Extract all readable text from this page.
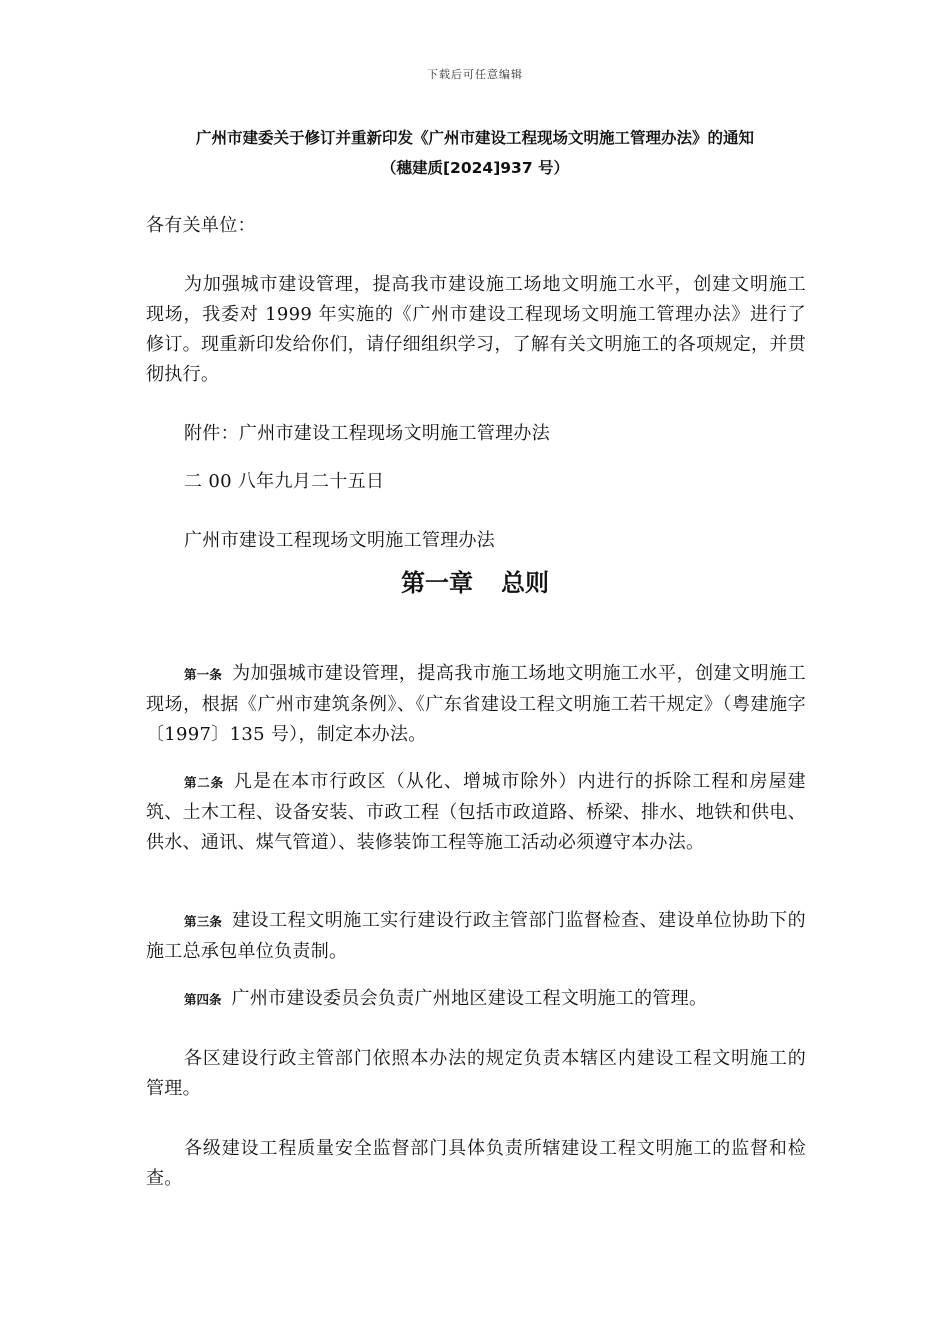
下载后可任意编辑
广州市建委关于修订并重新印发《广州市建设工程现场文明施工管理办法》的通知
（穗建质[2024]937 号）
各有关单位：
为加强城市建设管理，提高我市建设施工场地文明施工水平，创建文明施工现场，我委对 1999 年实施的《广州市建设工程现场文明施工管理办法》进行了修订。现重新印发给你们，请仔细组织学习，了解有关文明施工的各项规定，并贯彻执行。
附件：广州市建设工程现场文明施工管理办法
二 00 八年九月二十五日
广州市建设工程现场文明施工管理办法
第一章 总则
第一条 为加强城市建设管理，提高我市施工场地文明施工水平，创建文明施工现场，根据《广州市建筑条例》、《广东省建设工程文明施工若干规定》（粤建施字〔1997〕135 号），制定本办法。
第二条 凡是在本市行政区（从化、增城市除外）内进行的拆除工程和房屋建筑、土木工程、设备安装、市政工程（包括市政道路、桥梁、排水、地铁和供电、供水、通讯、煤气管道）、装修装饰工程等施工活动必须遵守本办法。
第三条 建设工程文明施工实行建设行政主管部门监督检查、建设单位协助下的施工总承包单位负责制。
第四条 广州市建设委员会负责广州地区建设工程文明施工的管理。
各区建设行政主管部门依照本办法的规定负责本辖区内建设工程文明施工的管理。
各级建设工程质量安全监督部门具体负责所辖建设工程文明施工的监督和检查。
